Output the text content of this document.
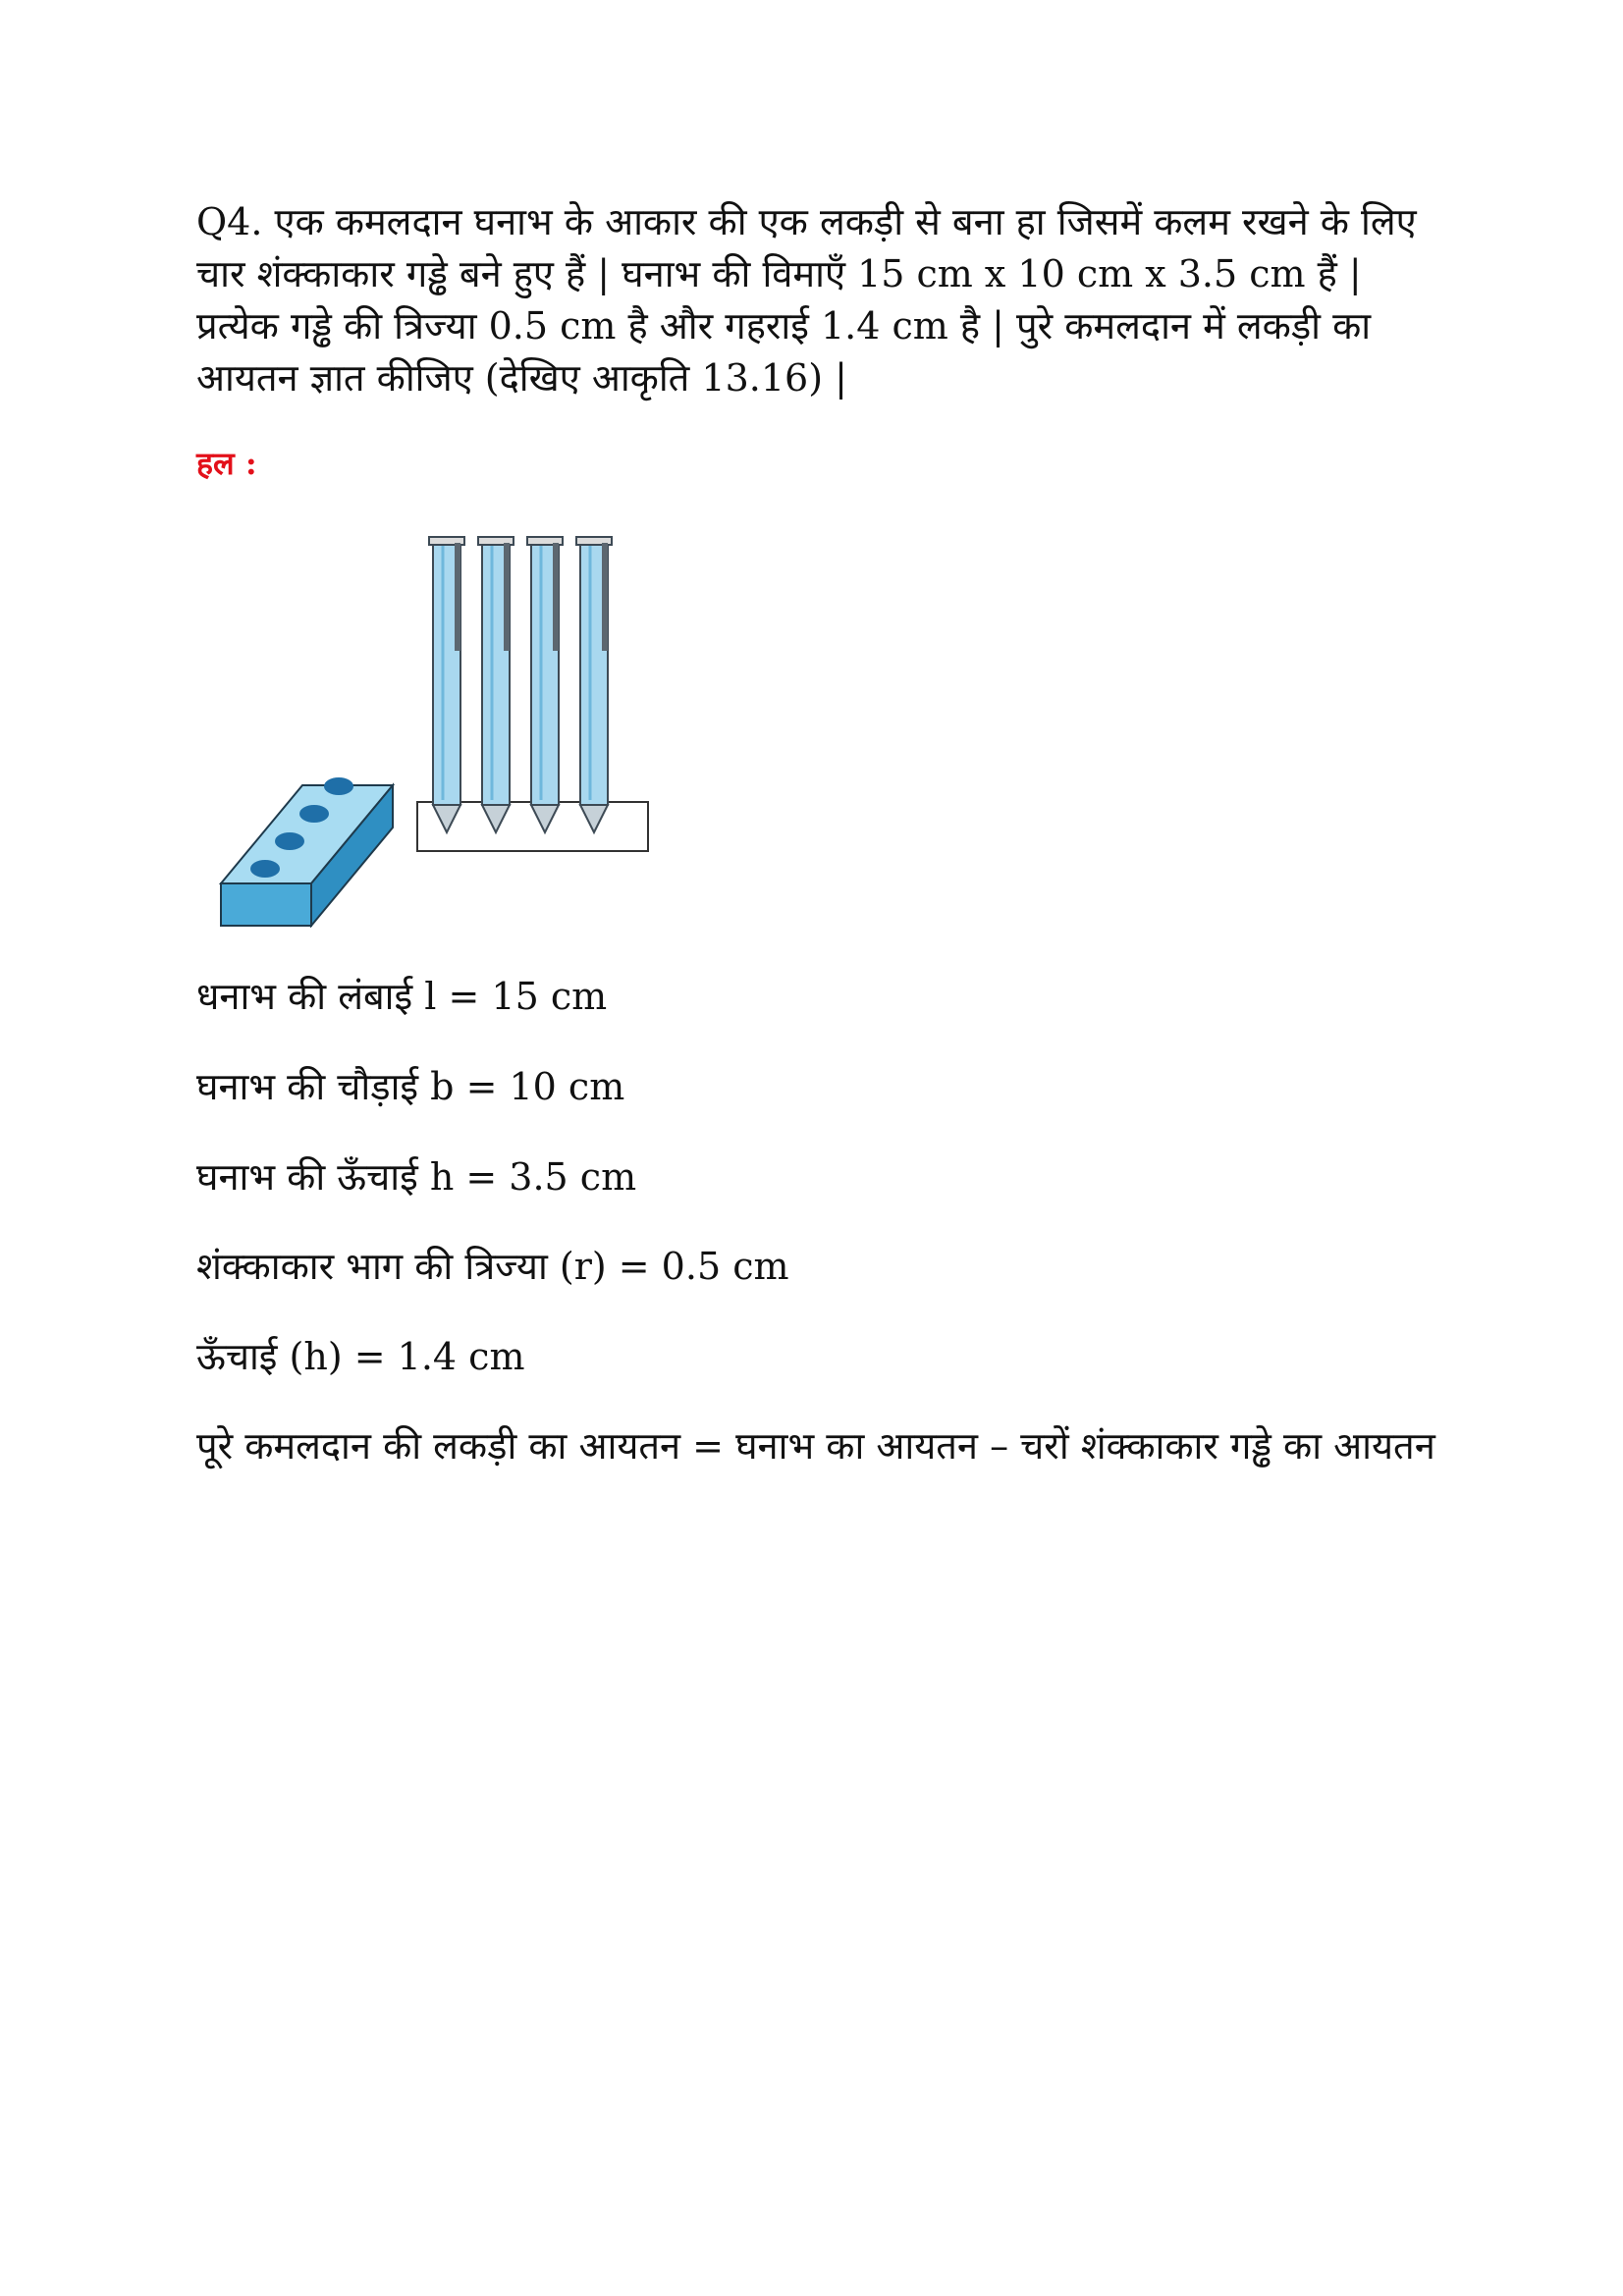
Q4. एक कमलदान घनाभ के आकार की एक लकड़ी से बना हा जिसमें कलम रखने के लिए चार शंक्काकार गड्ढे बने हुए हैं | घनाभ की विमाएँ 15 cm x 10 cm x 3.5 cm हैं | प्रत्येक गड्ढे की त्रिज्या 0.5 cm है और गहराई 1.4 cm है | पुरे कमलदान में लकड़ी का आयतन ज्ञात कीजिए (देखिए आकृति 13.16) |

हल :

धनाभ की लंबाई l = 15 cm

घनाभ की चौड़ाई b = 10 cm

घनाभ की ऊँचाई h = 3.5 cm

शंक्काकार भाग की त्रिज्या (r) = 0.5 cm

ऊँचाई (h) = 1.4 cm

पूरे कमलदान की लकड़ी का आयतन = घनाभ का आयतन – चरों शंक्काकार गड्ढे का आयतन
